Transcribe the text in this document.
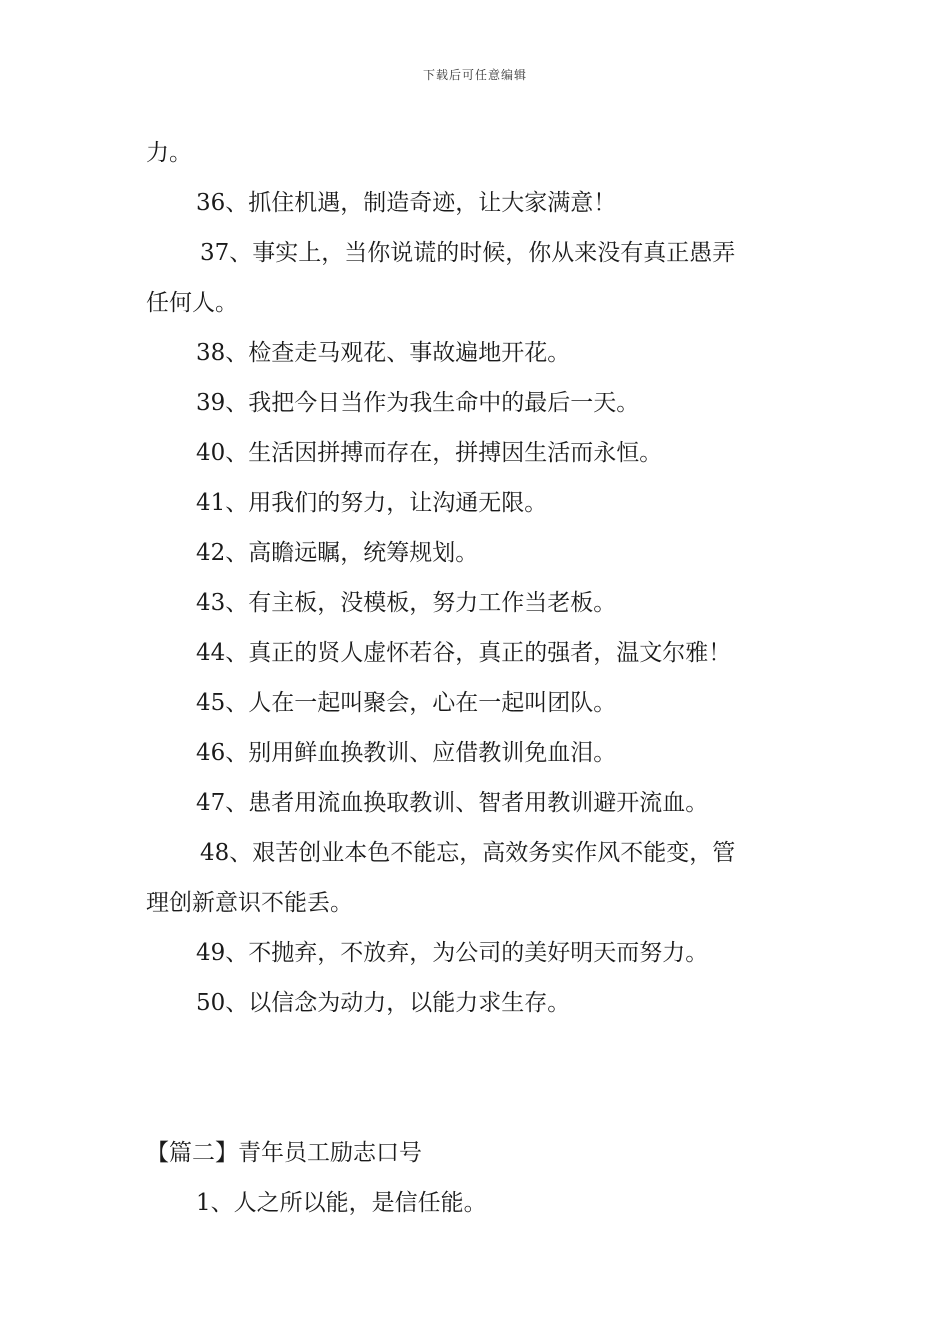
下载后可任意编辑
力。
36、抓住机遇，制造奇迹，让大家满意！
37、事实上，当你说谎的时候，你从来没有真正愚弄
任何人。
38、检查走马观花、事故遍地开花。
39、我把今日当作为我生命中的最后一天。
40、生活因拼搏而存在，拼搏因生活而永恒。
41、用我们的努力，让沟通无限。
42、高瞻远瞩，统筹规划。
43、有主板，没模板，努力工作当老板。
44、真正的贤人虚怀若谷，真正的强者，温文尔雅！
45、人在一起叫聚会，心在一起叫团队。
46、别用鲜血换教训、应借教训免血泪。
47、患者用流血换取教训、智者用教训避开流血。
48、艰苦创业本色不能忘，高效务实作风不能变，管
理创新意识不能丢。
49、不抛弃，不放弃，为公司的美好明天而努力。
50、以信念为动力，以能力求生存。
【篇二】青年员工励志口号
1、人之所以能，是信任能。
